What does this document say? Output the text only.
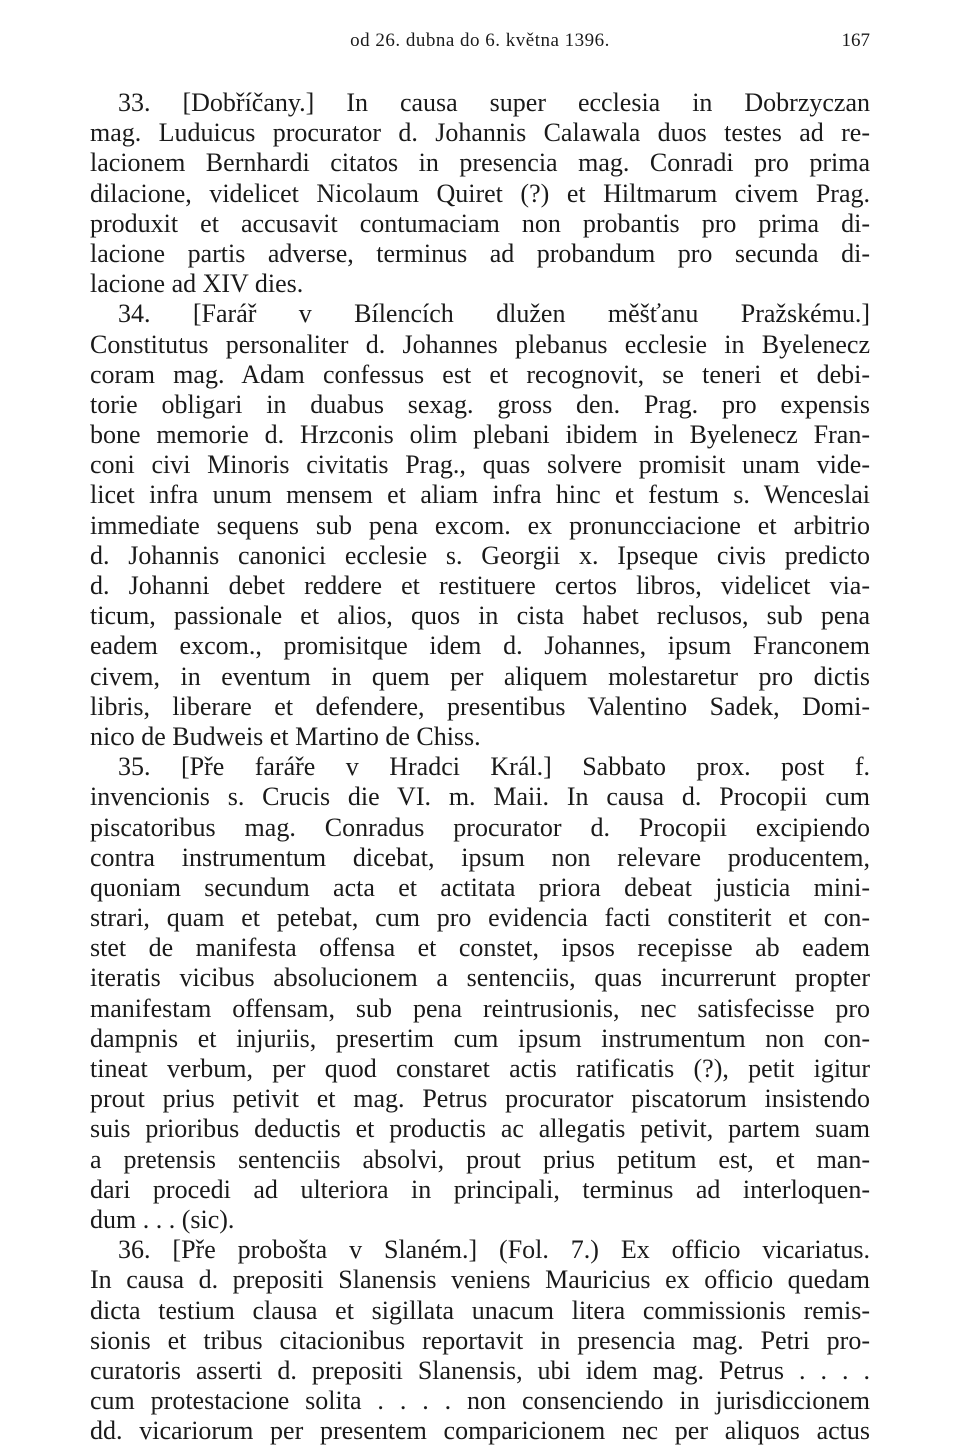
od 26. dubna do 6. května 1396.	167
33. [Dobříčany.] In causa super ecclesia in Dobrzyczan
mag. Luduicus procurator d. Johannis Calawala duos testes ad re-
lacionem Bernhardi citatos in presencia mag. Conradi pro prima
dilacione, videlicet Nicolaum Quiret (?) et Hiltmarum civem Prag.
produxit et accusavit contumaciam non probantis pro prima di-
lacione partis adverse, terminus ad probandum pro secunda di-
lacione ad XIV dies.
34. [Farář v Bílencích dlužen měšťanu Pražskému.]
Constitutus personaliter d. Johannes plebanus ecclesie in Byelenecz
coram mag. Adam confessus est et recognovit, se teneri et debi-
torie obligari in duabus sexag. gross den. Prag. pro expensis
bone memorie d. Hrzconis olim plebani ibidem in Byelenecz Fran-
coni civi Minoris civitatis Prag., quas solvere promisit unam vide-
licet infra unum mensem et aliam infra hinc et festum s. Wenceslai
immediate sequens sub pena excom. ex pronuncciacione et arbitrio
d. Johannis canonici ecclesie s. Georgii x. Ipseque civis predicto
d. Johanni debet reddere et restituere certos libros, videlicet via-
ticum, passionale et alios, quos in cista habet reclusos, sub pena
eadem excom., promisitque idem d. Johannes, ipsum Franconem
civem, in eventum in quem per aliquem molestaretur pro dictis
libris, liberare et defendere, presentibus Valentino Sadek, Domi-
nico de Budweis et Martino de Chiss.
35. [Pře faráře v Hradci Král.] Sabbato prox. post f.
invencionis s. Crucis die VI. m. Maii. In causa d. Procopii cum
piscatoribus mag. Conradus procurator d. Procopii excipiendo
contra instrumentum dicebat, ipsum non relevare producentem,
quoniam secundum acta et actitata priora debeat justicia mini-
strari, quam et petebat, cum pro evidencia facti constiterit et con-
stet de manifesta offensa et constet, ipsos recepisse ab eadem
iteratis vicibus absolucionem a sentenciis, quas incurrerunt propter
manifestam offensam, sub pena reintrusionis, nec satisfecisse pro
dampnis et injuriis, presertim cum ipsum instrumentum non con-
tineat verbum, per quod constaret actis ratificatis (?), petit igitur
prout prius petivit et mag. Petrus procurator piscatorum insistendo
suis prioribus deductis et productis ac allegatis petivit, partem suam
a pretensis sentenciis absolvi, prout prius petitum est, et man-
dari procedi ad ulteriora in principali, terminus ad interloquen-
dum . . . (sic).
36. [Pře probošta v Slaném.] (Fol. 7.) Ex officio vicariatus.
In causa d. prepositi Slanensis veniens Mauricius ex officio quedam
dicta testium clausa et sigillata unacum litera commissionis remis-
sionis et tribus citacionibus reportavit in presencia mag. Petri pro-
curatoris asserti d. prepositi Slanensis, ubi idem mag. Petrus . . . .
cum protestacione solita . . . . non consenciendo in jurisdiccionem
dd. vicariorum per presentem comparicionem nec per aliquos actus
